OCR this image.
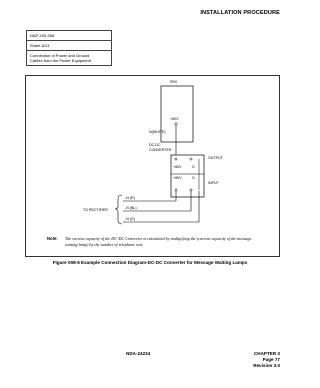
INSTALLATION PROCEDURE
NAP-200-008
Sheet 6/13
Connection of Power and Ground
Cables from the Power Equipment
PBX
+80V
N(WHITE)
DC-DC
CONVERTER
+80V	G
OUTPUT
+80V	G
INPUT
-N (R)
-N (BL)
-N (G)
TO RECTIFIER
Note: The current capacity of the DC-DC Converter is calculated by multiplying the (current capacity of the message waiting lamp) by the number of telephone sets.
Figure 008-6 Example Connection Diagram-DC-DC Converter for Message Waiting Lamps
NDA-24234	CHAPTER 3
Page 77
Revision 3.0
